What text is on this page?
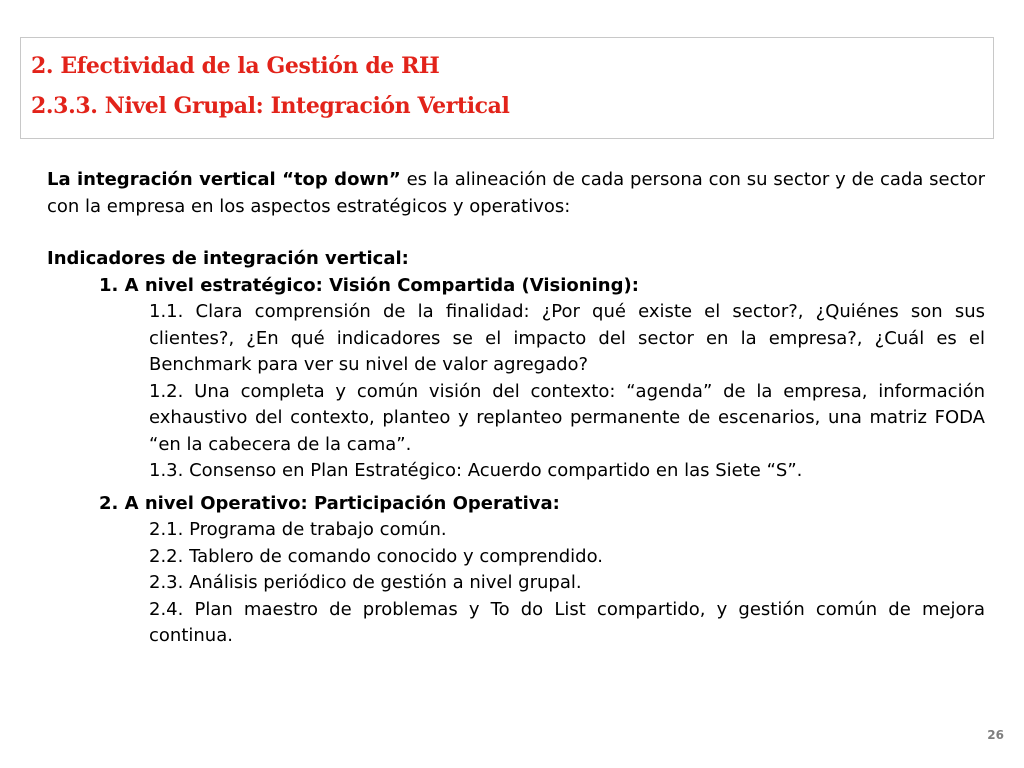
2. Efectividad de la Gestión de RH

2.3.3. Nivel Grupal: Integración Vertical

La integración vertical “top down” es la alineación de cada persona con su sector y de cada sector con la empresa en los aspectos estratégicos y operativos:

Indicadores de integración vertical:

1. A nivel estratégico: Visión Compartida (Visioning):

1.1. Clara comprensión de la finalidad: ¿Por qué existe el sector?, ¿Quiénes son sus clientes?, ¿En qué indicadores se el impacto del sector en la empresa?, ¿Cuál es el Benchmark para ver su nivel de valor agregado?

1.2. Una completa y común visión del contexto: “agenda” de la empresa, información exhaustivo del contexto, planteo y replanteo permanente de escenarios, una matriz FODA “en la cabecera de la cama”.

1.3. Consenso en Plan Estratégico: Acuerdo compartido en las Siete “S”.

2. A nivel Operativo: Participación Operativa:

2.1. Programa de trabajo común.

2.2. Tablero de comando conocido y comprendido.

2.3. Análisis periódico de gestión a nivel grupal.

2.4. Plan maestro de problemas y To do List compartido, y gestión común de mejora continua.

26
